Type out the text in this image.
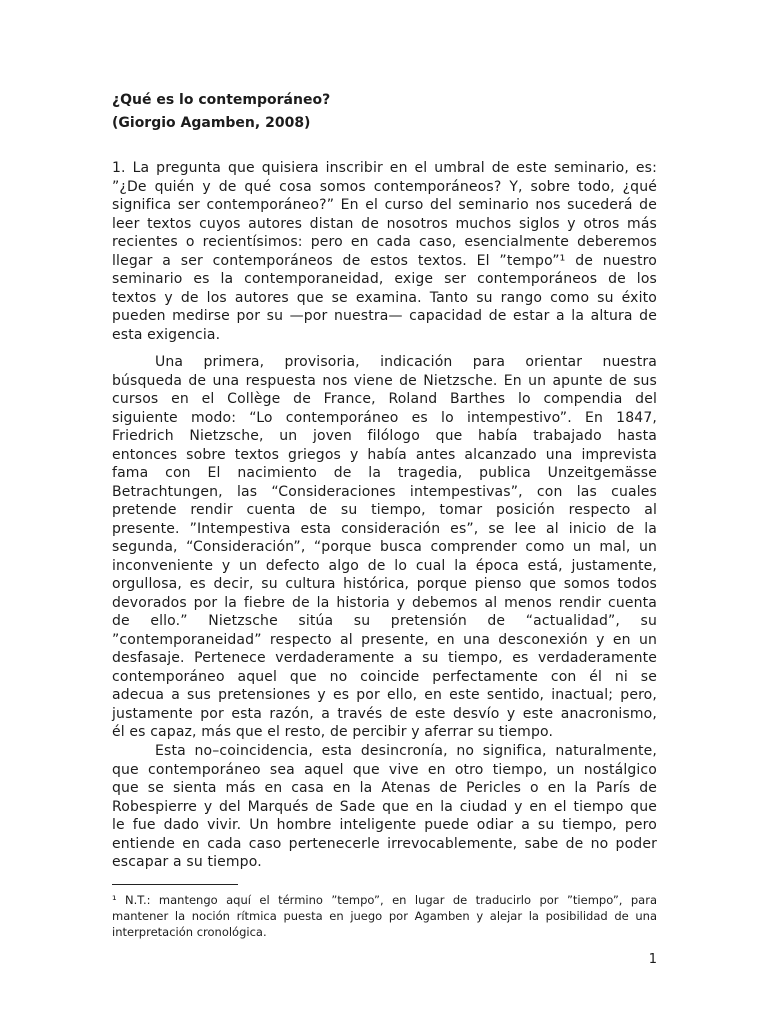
¿Qué es lo contemporáneo?
(Giorgio Agamben, 2008)
1. La pregunta que quisiera inscribir en el umbral de este seminario, es:
”¿De quién y de qué cosa somos contemporáneos? Y, sobre todo, ¿qué
significa ser contemporáneo?” En el curso del seminario nos sucederá de
leer textos cuyos autores distan de nosotros muchos siglos y otros más
recientes o recientísimos: pero en cada caso, esencialmente deberemos
llegar a ser contemporáneos de estos textos. El ”tempo”¹ de nuestro
seminario es la contemporaneidad, exige ser contemporáneos de los
textos y de los autores que se examina. Tanto su rango como su éxito
pueden medirse por su —por nuestra— capacidad de estar a la altura de
esta exigencia.
Una primera, provisoria, indicación para orientar nuestra
búsqueda de una respuesta nos viene de Nietzsche. En un apunte de sus
cursos en el Collège de France, Roland Barthes lo compendia del
siguiente modo: “Lo contemporáneo es lo intempestivo”. En 1847,
Friedrich Nietzsche, un joven filólogo que había trabajado hasta
entonces sobre textos griegos y había antes alcanzado una imprevista
fama con El nacimiento de la tragedia, publica Unzeitgemässe
Betrachtungen, las “Consideraciones intempestivas”, con las cuales
pretende rendir cuenta de su tiempo, tomar posición respecto al
presente. ”Intempestiva esta consideración es”, se lee al inicio de la
segunda, “Consideración”, “porque busca comprender como un mal, un
inconveniente y un defecto algo de lo cual la época está, justamente,
orgullosa, es decir, su cultura histórica, porque pienso que somos todos
devorados por la fiebre de la historia y debemos al menos rendir cuenta
de ello.” Nietzsche sitúa su pretensión de “actualidad”, su
”contemporaneidad” respecto al presente, en una desconexión y en un
desfasaje. Pertenece verdaderamente a su tiempo, es verdaderamente
contemporáneo aquel que no coincide perfectamente con él ni se
adecua a sus pretensiones y es por ello, en este sentido, inactual; pero,
justamente por esta razón, a través de este desvío y este anacronismo,
él es capaz, más que el resto, de percibir y aferrar su tiempo.
Esta no–coincidencia, esta desincronía, no significa, naturalmente,
que contemporáneo sea aquel que vive en otro tiempo, un nostálgico
que se sienta más en casa en la Atenas de Pericles o en la París de
Robespierre y del Marqués de Sade que en la ciudad y en el tiempo que
le fue dado vivir. Un hombre inteligente puede odiar a su tiempo, pero
entiende en cada caso pertenecerle irrevocablemente, sabe de no poder
escapar a su tiempo.
¹ N.T.: mantengo aquí el término ”tempo”, en lugar de traducirlo por ”tiempo”, para
mantener la noción rítmica puesta en juego por Agamben y alejar la posibilidad de una
interpretación cronológica.
1
